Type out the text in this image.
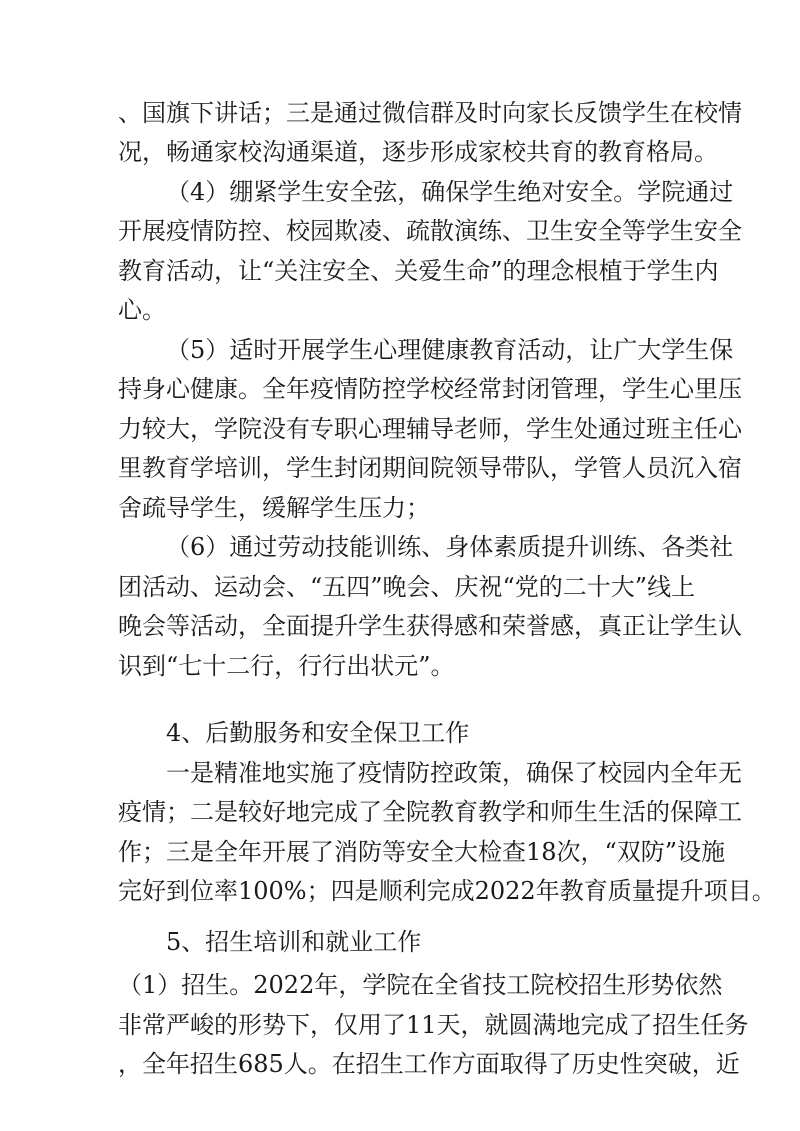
、国旗下讲话；三是通过微信群及时向家长反馈学生在校情
况，畅通家校沟通渠道，逐步形成家校共育的教育格局。
（4）绷紧学生安全弦，确保学生绝对安全。学院通过
开展疫情防控、校园欺凌、疏散演练、卫生安全等学生安全
教育活动，让“关注安全、关爱生命”的理念根植于学生内
心。
（5）适时开展学生心理健康教育活动，让广大学生保
持身心健康。全年疫情防控学校经常封闭管理，学生心里压
力较大，学院没有专职心理辅导老师，学生处通过班主任心
里教育学培训，学生封闭期间院领导带队，学管人员沉入宿
舍疏导学生，缓解学生压力；
（6）通过劳动技能训练、身体素质提升训练、各类社
团活动、运动会、“五四”晚会、庆祝“党的二十大”线上
晚会等活动，全面提升学生获得感和荣誉感，真正让学生认
识到“七十二行，行行出状元”。
4、后勤服务和安全保卫工作
一是精准地实施了疫情防控政策，确保了校园内全年无
疫情；二是较好地完成了全院教育教学和师生生活的保障工
作；三是全年开展了消防等安全大检查18次，“双防”设施
完好到位率100%；四是顺利完成2022年教育质量提升项目。
5、招生培训和就业工作
（1）招生。2022年，学院在全省技工院校招生形势依然
非常严峻的形势下，仅用了11天，就圆满地完成了招生任务
，全年招生685人。在招生工作方面取得了历史性突破，近
